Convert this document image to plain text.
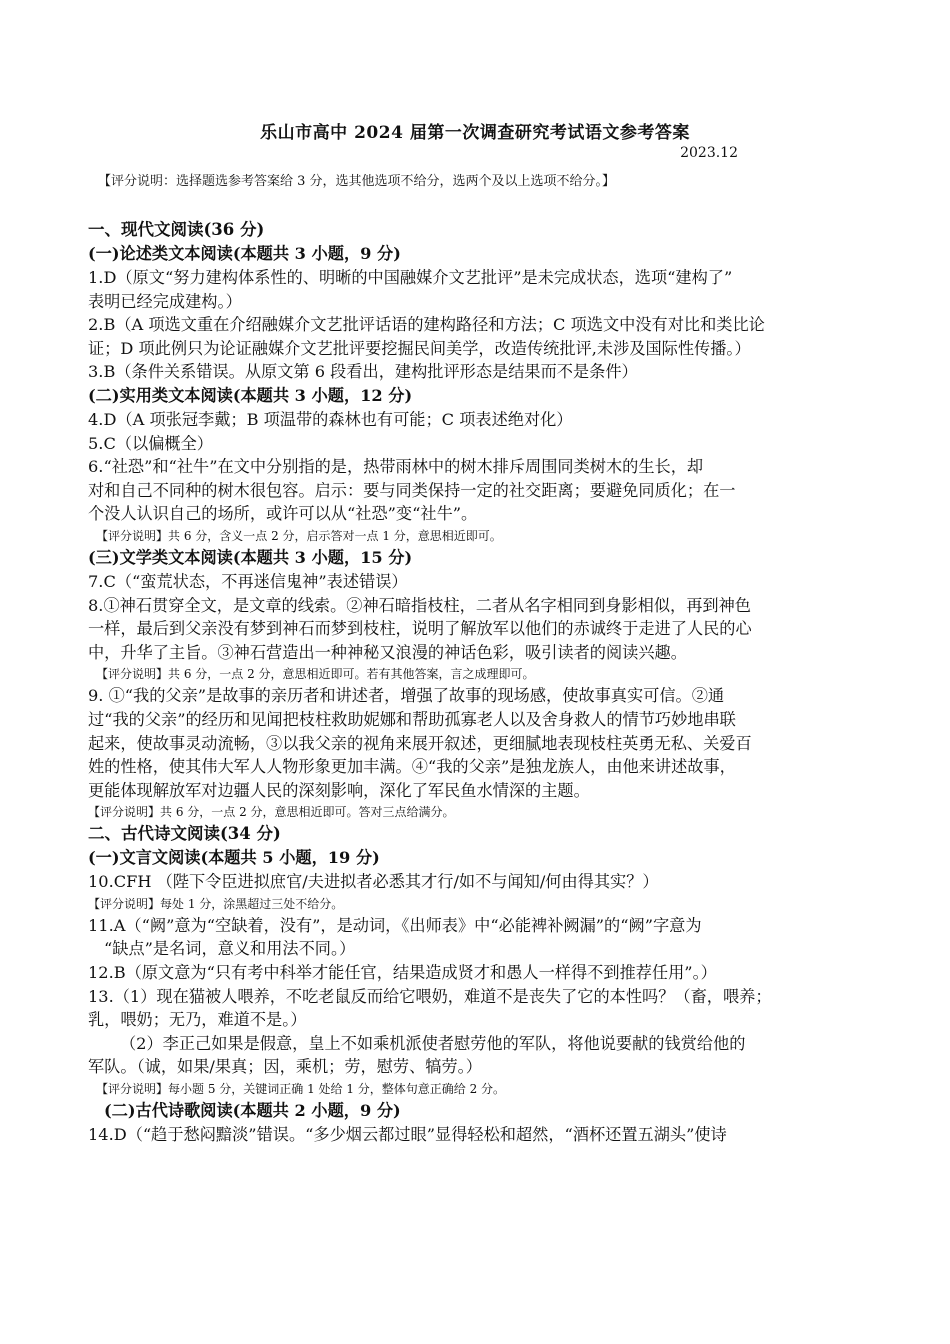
乐山市高中 2024 届第一次调查研究考试语文参考答案
2023.12
【评分说明：选择题选参考答案给 3 分，选其他选项不给分，选两个及以上选项不给分。】
一、现代文阅读(36 分)
(一)论述类文本阅读(本题共 3 小题，9 分)
1.D（原文“努力建构体系性的、明晰的中国融媒介文艺批评”是未完成状态，选项“建构了”
表明已经完成建构。）
2.B（A 项选文重在介绍融媒介文艺批评话语的建构路径和方法；C 项选文中没有对比和类比论
证；D 项此例只为论证融媒介文艺批评要挖掘民间美学，改造传统批评,未涉及国际性传播。）
3.B（条件关系错误。从原文第 6 段看出，建构批评形态是结果而不是条件）
(二)实用类文本阅读(本题共 3 小题，12 分)
4.D（A 项张冠李戴；B 项温带的森林也有可能；C 项表述绝对化）
5.C（以偏概全）
6.“社恐”和“社牛”在文中分别指的是，热带雨林中的树木排斥周围同类树木的生长，却
对和自己不同种的树木很包容。启示：要与同类保持一定的社交距离；要避免同质化；在一
个没人认识自己的场所，或许可以从“社恐”变“社牛”。
【评分说明】共 6 分，含义一点 2 分，启示答对一点 1 分，意思相近即可。
(三)文学类文本阅读(本题共 3 小题，15 分)
7.C（“蛮荒状态，不再迷信鬼神”表述错误）
8.①神石贯穿全文，是文章的线索。②神石暗指枝柱，二者从名字相同到身影相似，再到神色
一样，最后到父亲没有梦到神石而梦到枝柱，说明了解放军以他们的赤诚终于走进了人民的心
中，升华了主旨。③神石营造出一种神秘又浪漫的神话色彩，吸引读者的阅读兴趣。
【评分说明】共 6 分，一点 2 分，意思相近即可。若有其他答案，言之成理即可。
9. ①“我的父亲”是故事的亲历者和讲述者，增强了故事的现场感，使故事真实可信。②通
过“我的父亲”的经历和见闻把枝柱救助妮娜和帮助孤寡老人以及舍身救人的情节巧妙地串联
起来，使故事灵动流畅，③以我父亲的视角来展开叙述，更细腻地表现枝柱英勇无私、关爱百
姓的性格，使其伟大军人人物形象更加丰满。④“我的父亲”是独龙族人，由他来讲述故事，
更能体现解放军对边疆人民的深刻影响，深化了军民鱼水情深的主题。
【评分说明】共 6 分，一点 2 分，意思相近即可。答对三点给满分。
二、古代诗文阅读(34 分)
(一)文言文阅读(本题共 5 小题，19 分)
10.CFH （陛下令臣进拟庶官/夫进拟者必悉其才行/如不与闻知/何由得其实？）
【评分说明】每处 1 分，涂黑超过三处不给分。
11.A（“阙”意为“空缺着，没有”，是动词，《出师表》中“必能裨补阙漏”的“阙”字意为
“缺点”是名词，意义和用法不同。）
12.B（原文意为“只有考中科举才能任官，结果造成贤才和愚人一样得不到推荐任用”。）
13.（1）现在猫被人喂养，不吃老鼠反而给它喂奶，难道不是丧失了它的本性吗？（畜，喂养；
乳，喂奶；无乃，难道不是。）
（2）李正己如果是假意，皇上不如乘机派使者慰劳他的军队，将他说要献的钱赏给他的
军队。（诚，如果/果真；因，乘机；劳，慰劳、犒劳。）
【评分说明】每小题 5 分，关键词正确 1 处给 1 分，整体句意正确给 2 分。
(二)古代诗歌阅读(本题共 2 小题，9 分)
14.D（“趋于愁闷黯淡”错误。“多少烟云都过眼”显得轻松和超然，“酒杯还置五湖头”使诗
